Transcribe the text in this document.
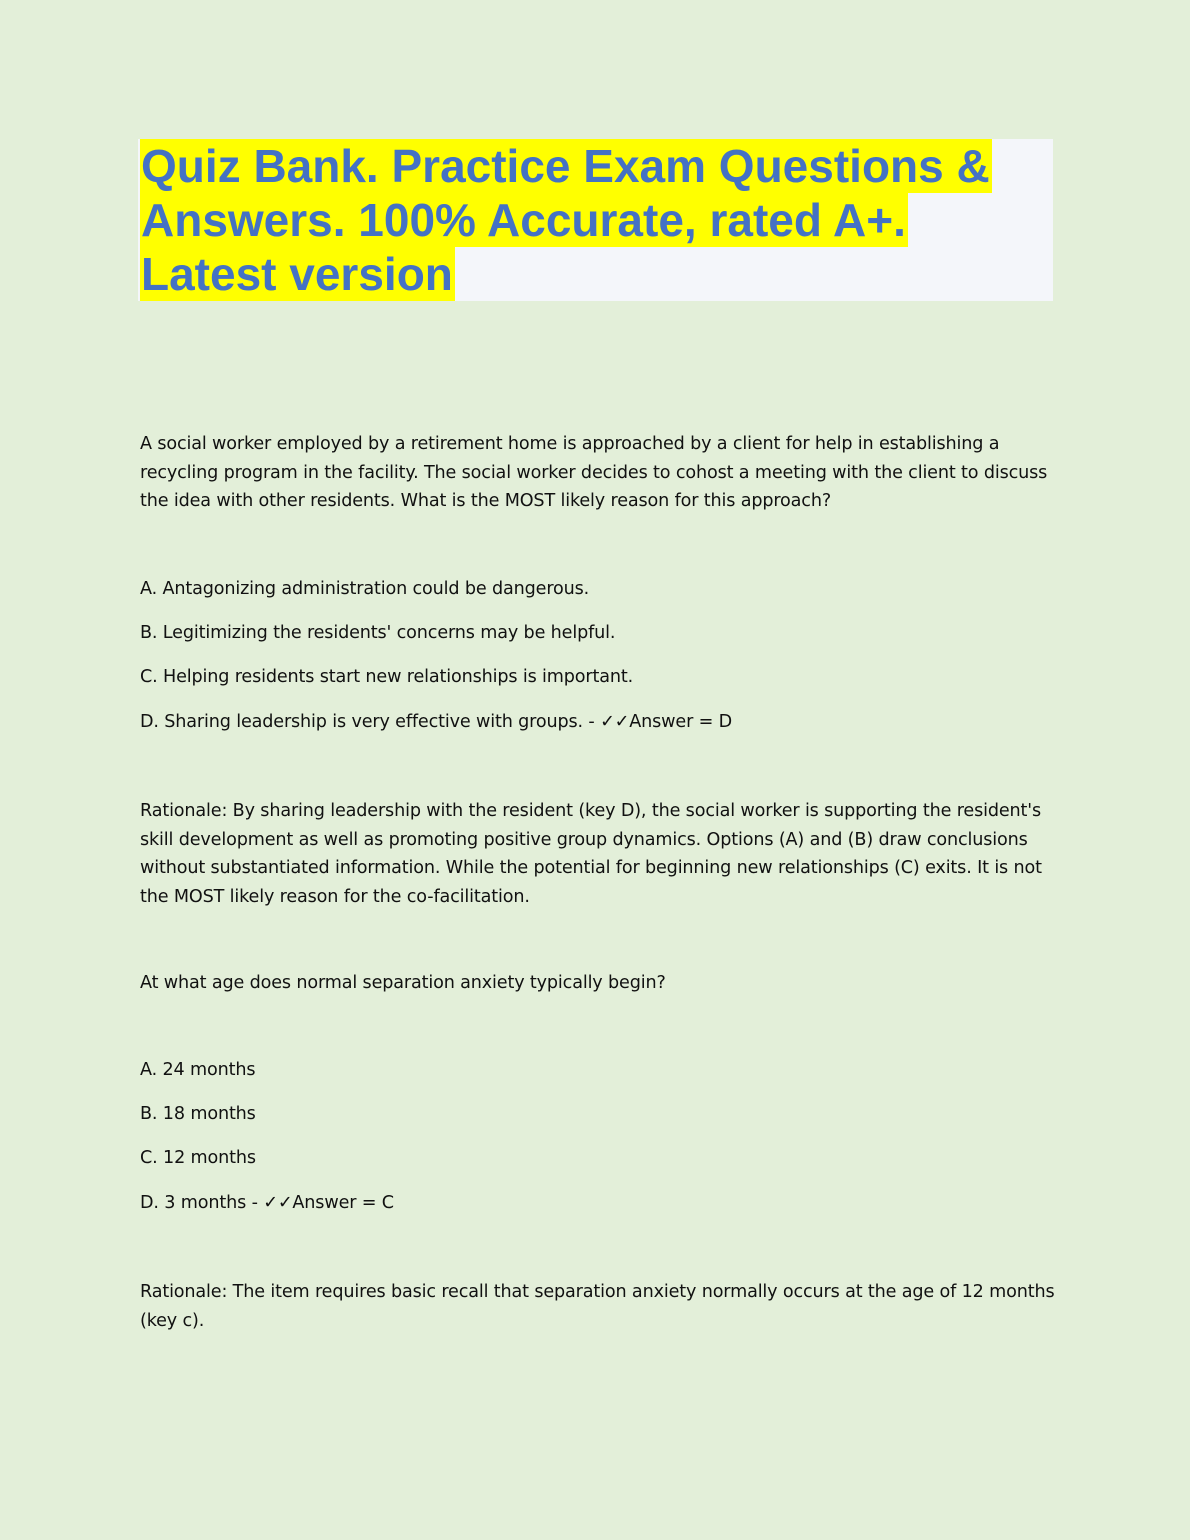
Quiz Bank. Practice Exam Questions &
Answers. 100% Accurate, rated A+.
Latest version

A social worker employed by a retirement home is approached by a client for help in establishing a recycling program in the facility. The social worker decides to cohost a meeting with the client to discuss the idea with other residents. What is the MOST likely reason for this approach?

A. Antagonizing administration could be dangerous.

B. Legitimizing the residents' concerns may be helpful.

C. Helping residents start new relationships is important.

D. Sharing leadership is very effective with groups. - ✓✓Answer = D

Rationale: By sharing leadership with the resident (key D), the social worker is supporting the resident's skill development as well as promoting positive group dynamics. Options (A) and (B) draw conclusions without substantiated information. While the potential for beginning new relationships (C) exits. It is not the MOST likely reason for the co-facilitation.

At what age does normal separation anxiety typically begin?

A. 24 months

B. 18 months

C. 12 months

D. 3 months - ✓✓Answer = C

Rationale: The item requires basic recall that separation anxiety normally occurs at the age of 12 months (key c).
